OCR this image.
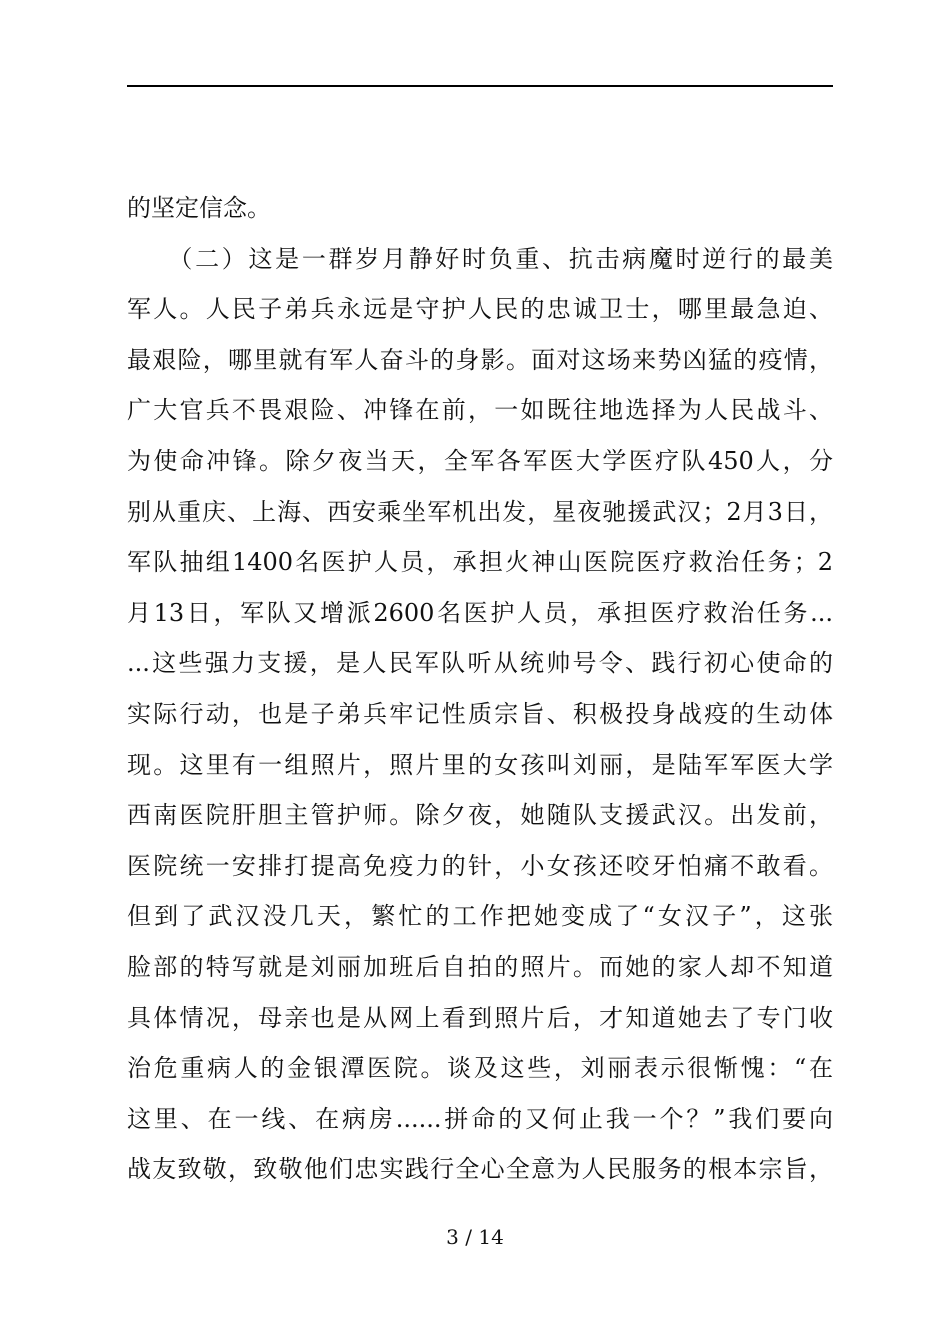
的坚定信念。
　　（二）这是一群岁月静好时负重、抗击病魔时逆行的最美
军人。人民子弟兵永远是守护人民的忠诚卫士，哪里最急迫、
最艰险，哪里就有军人奋斗的身影。面对这场来势凶猛的疫情，
广大官兵不畏艰险、冲锋在前，一如既往地选择为人民战斗、
为使命冲锋。除夕夜当天，全军各军医大学医疗队450人，分
别从重庆、上海、西安乘坐军机出发，星夜驰援武汉；2月3日，
军队抽组1400名医护人员，承担火神山医院医疗救治任务；2
月13日，军队又增派2600名医护人员，承担医疗救治任务...
...这些强力支援，是人民军队听从统帅号令、践行初心使命的
实际行动，也是子弟兵牢记性质宗旨、积极投身战疫的生动体
现。这里有一组照片，照片里的女孩叫刘丽，是陆军军医大学
西南医院肝胆主管护师。除夕夜，她随队支援武汉。出发前，
医院统一安排打提高免疫力的针，小女孩还咬牙怕痛不敢看。
但到了武汉没几天，繁忙的工作把她变成了“女汉子”，这张
脸部的特写就是刘丽加班后自拍的照片。而她的家人却不知道
具体情况，母亲也是从网上看到照片后，才知道她去了专门收
治危重病人的金银潭医院。谈及这些，刘丽表示很惭愧：“在
这里、在一线、在病房......拼命的又何止我一个？”我们要向
战友致敬，致敬他们忠实践行全心全意为人民服务的根本宗旨，
3 / 14
